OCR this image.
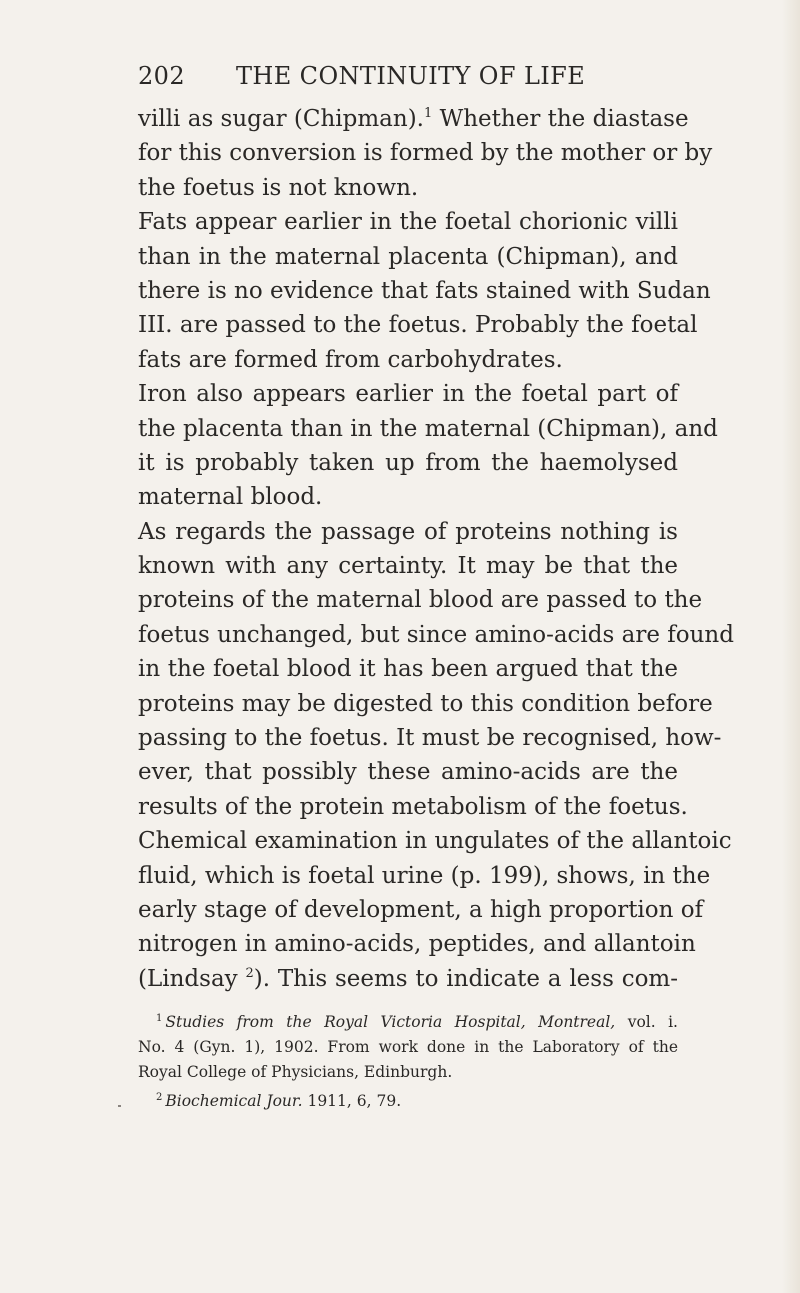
202 THE CONTINUITY OF LIFE
villi as sugar (Chipman).$^1$ Whether the diastase
for this conversion is formed by the mother or by
the foetus is not known.
Fats appear earlier in the foetal chorionic villi
than in the maternal placenta (Chipman), and
there is no evidence that fats stained with Sudan
III. are passed to the foetus. Probably the foetal
fats are formed from carbohydrates.
Iron also appears earlier in the foetal part of
the placenta than in the maternal (Chipman), and
it is probably taken up from the haemolysed
maternal blood.
As regards the passage of proteins nothing is
known with any certainty. It may be that the
proteins of the maternal blood are passed to the
foetus unchanged, but since amino-acids are found
in the foetal blood it has been argued that the
proteins may be digested to this condition before
passing to the foetus. It must be recognised, how-
ever, that possibly these amino-acids are the
results of the protein metabolism of the foetus.
Chemical examination in ungulates of the allantoic
fluid, which is foetal urine (p. 199), shows, in the
early stage of development, a high proportion of
nitrogen in amino-acids, peptides, and allantoin
(Lindsay $^2$). This seems to indicate a less com-
$^1$ Studies from the Royal Victoria Hospital, Montreal, vol. i.
No. 4 (Gyn. 1), 1902. From work done in the Laboratory of the
Royal College of Physicians, Edinburgh.
$^2$ Biochemical Jour. 1911, 6, 79.
